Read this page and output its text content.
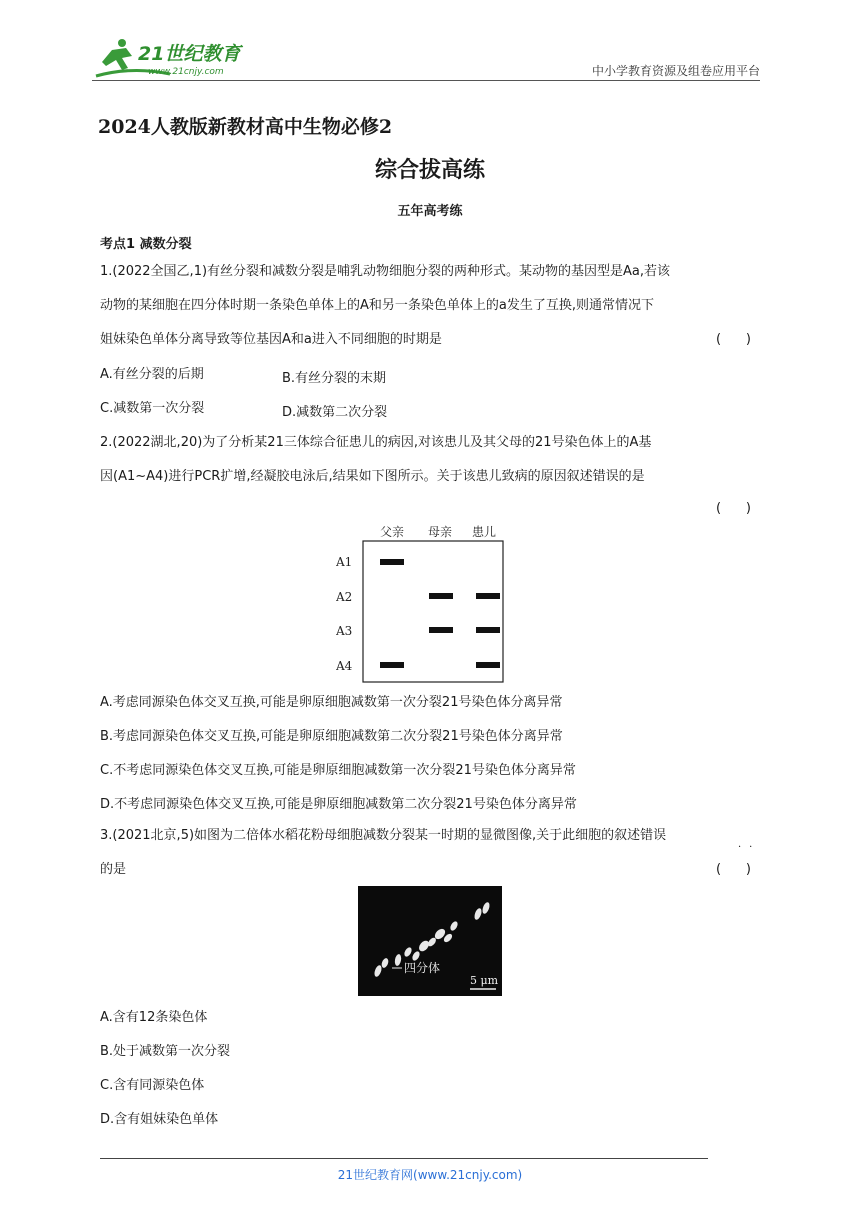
21世纪教育
www.21cnjy.com	中小学教育资源及组卷应用平台
2024人教版新教材高中生物必修2
综合拔高练
五年高考练
考点1 减数分裂
1.(2022全国乙,1)有丝分裂和减数分裂是哺乳动物细胞分裂的两种形式。某动物的基因型是Aa,若该
动物的某细胞在四分体时期一条染色单体上的A和另一条染色单体上的a发生了互换,则通常情况下
姐妹染色单体分离导致等位基因A和a进入不同细胞的时期是	(      )
A.有丝分裂的后期	B.有丝分裂的末期
C.减数第一次分裂	D.减数第二次分裂
2.(2022湖北,20)为了分析某21三体综合征患儿的病因,对该患儿及其父母的21号染色体上的A基
因(A1~A4)进行PCR扩增,经凝胶电泳后,结果如下图所示。关于该患儿致病的原因叙述错误的是
(      )
父亲 母亲 患儿
A1
A2
A3
A4
A.考虑同源染色体交叉互换,可能是卵原细胞减数第一次分裂21号染色体分离异常
B.考虑同源染色体交叉互换,可能是卵原细胞减数第二次分裂21号染色体分离异常
C.不考虑同源染色体交叉互换,可能是卵原细胞减数第一次分裂21号染色体分离异常
D.不考虑同源染色体交叉互换,可能是卵原细胞减数第二次分裂21号染色体分离异常
3.(2021北京,5)如图为二倍体水稻花粉母细胞减数分裂某一时期的显微图像,关于此细胞的叙述错误
··
的是	(      )
四分体
5 μm
A.含有12条染色体
B.处于减数第一次分裂
C.含有同源染色体
D.含有姐妹染色单体
21世纪教育网(www.21cnjy.com)
